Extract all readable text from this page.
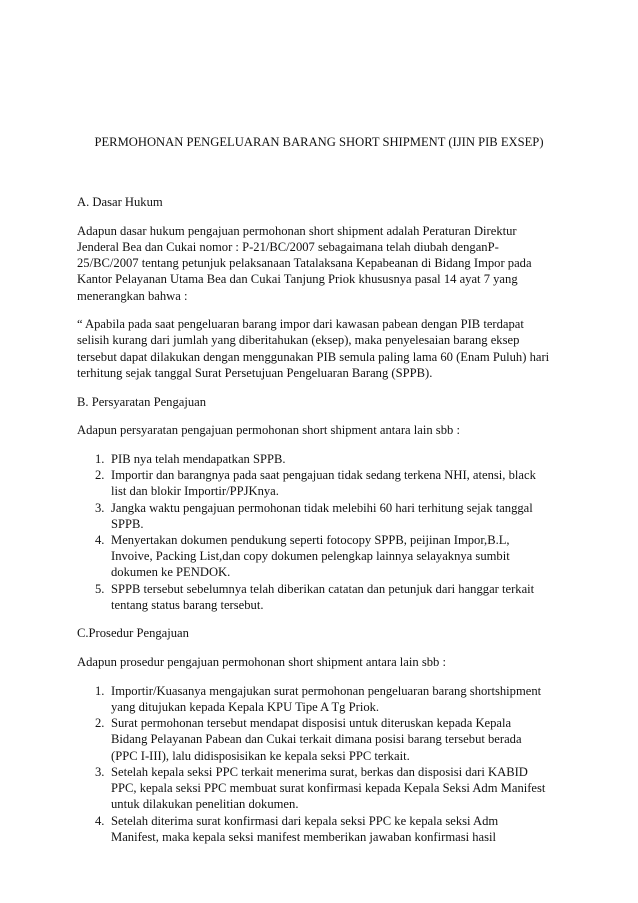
PERMOHONAN PENGELUARAN BARANG SHORT SHIPMENT (IJIN PIB EXSEP)

A. Dasar Hukum

Adapun dasar hukum pengajuan permohonan short shipment adalah Peraturan Direktur
Jenderal Bea dan Cukai nomor : P-21/BC/2007 sebagaimana telah diubah denganP-
25/BC/2007 tentang petunjuk pelaksanaan Tatalaksana Kepabeanan di Bidang Impor pada
Kantor Pelayanan Utama Bea dan Cukai Tanjung Priok khususnya pasal 14 ayat 7 yang
menerangkan bahwa :

“ Apabila pada saat pengeluaran barang impor dari kawasan pabean dengan PIB terdapat
selisih kurang dari jumlah yang diberitahukan (eksep), maka penyelesaian barang eksep
tersebut dapat dilakukan dengan menggunakan PIB semula paling lama 60 (Enam Puluh) hari
terhitung sejak tanggal Surat Persetujuan Pengeluaran Barang (SPPB).

B. Persyaratan Pengajuan

Adapun persyaratan pengajuan permohonan short shipment antara lain sbb :

1. PIB nya telah mendapatkan SPPB.
2. Importir dan barangnya pada saat pengajuan tidak sedang terkena NHI, atensi, black
list dan blokir Importir/PPJKnya.
3. Jangka waktu pengajuan permohonan tidak melebihi 60 hari terhitung sejak tanggal
SPPB.
4. Menyertakan dokumen pendukung seperti fotocopy SPPB, peijinan Impor,B.L,
Invoive, Packing List,dan copy dokumen pelengkap lainnya selayaknya sumbit
dokumen ke PENDOK.
5. SPPB tersebut sebelumnya telah diberikan catatan dan petunjuk dari hanggar terkait
tentang status barang tersebut.

C.Prosedur Pengajuan

Adapun prosedur pengajuan permohonan short shipment antara lain sbb :

1. Importir/Kuasanya mengajukan surat permohonan pengeluaran barang shortshipment
yang ditujukan kepada Kepala KPU Tipe A Tg Priok.
2. Surat permohonan tersebut mendapat disposisi untuk diteruskan kepada Kepala
Bidang Pelayanan Pabean dan Cukai terkait dimana posisi barang tersebut berada
(PPC I-III), lalu didisposisikan ke kepala seksi PPC terkait.
3. Setelah kepala seksi PPC terkait menerima surat, berkas dan disposisi dari KABID
PPC, kepala seksi PPC membuat surat konfirmasi kepada Kepala Seksi Adm Manifest
untuk dilakukan penelitian dokumen.
4. Setelah diterima surat konfirmasi dari kepala seksi PPC ke kepala seksi Adm
Manifest, maka kepala seksi manifest memberikan jawaban konfirmasi hasil
